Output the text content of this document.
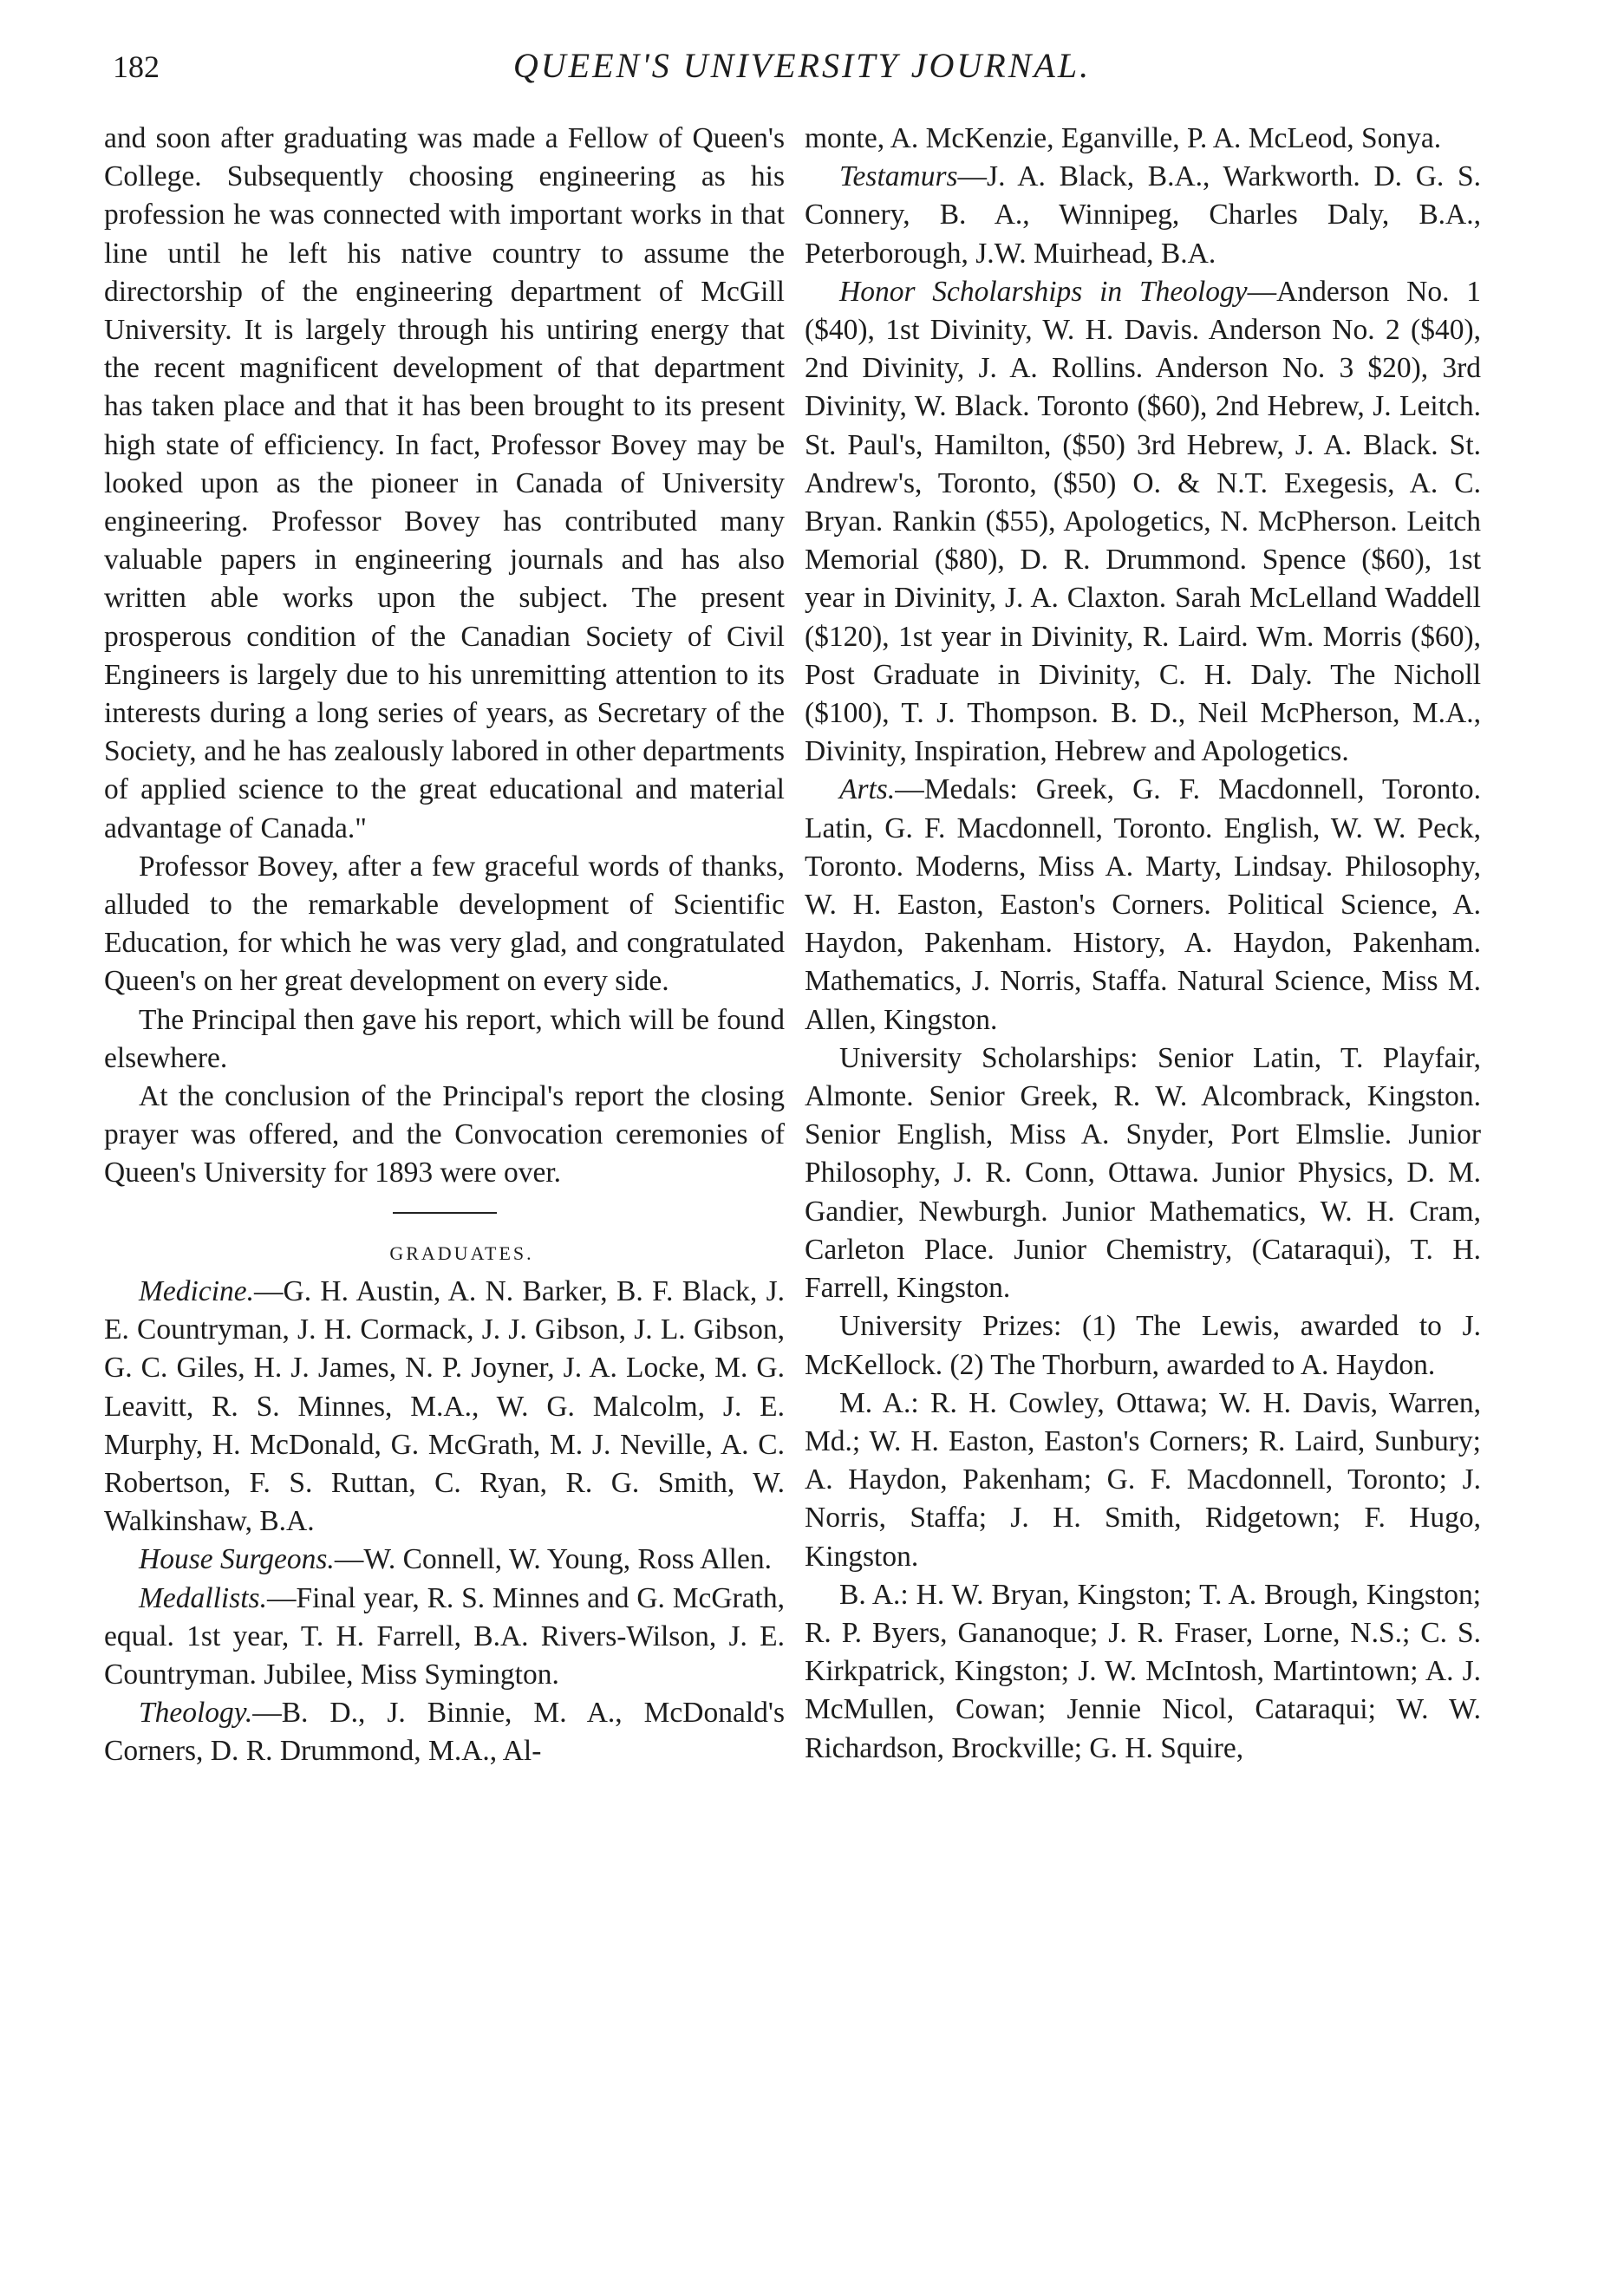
182	QUEEN'S UNIVERSITY JOURNAL.

and soon after graduating was made a Fellow of Queen's College. Subsequently choosing engineering as his profession he was connected with important works in that line until he left his native country to assume the directorship of the engineering department of McGill University. It is largely through his untiring energy that the recent magnificent development of that department has taken place and that it has been brought to its present high state of efficiency. In fact, Professor Bovey may be looked upon as the pioneer in Canada of University engineering. Professor Bovey has contributed many valuable papers in engineering journals and has also written able works upon the subject. The present prosperous condition of the Canadian Society of Civil Engineers is largely due to his unremitting attention to its interests during a long series of years, as Secretary of the Society, and he has zealously labored in other departments of applied science to the great educational and material advantage of Canada."

Professor Bovey, after a few graceful words of thanks, alluded to the remarkable development of Scientific Education, for which he was very glad, and congratulated Queen's on her great development on every side.

The Principal then gave his report, which will be found elsewhere.

At the conclusion of the Principal's report the closing prayer was offered, and the Convocation ceremonies of Queen's University for 1893 were over.

GRADUATES.

Medicine.—G. H. Austin, A. N. Barker, B. F. Black, J. E. Countryman, J. H. Cormack, J. J. Gibson, J. L. Gibson, G. C. Giles, H. J. James, N. P. Joyner, J. A. Locke, M. G. Leavitt, R. S. Minnes, M.A., W. G. Malcolm, J. E. Murphy, H. McDonald, G. McGrath, M. J. Neville, A. C. Robertson, F. S. Ruttan, C. Ryan, R. G. Smith, W. Walkinshaw, B.A.

House Surgeons.—W. Connell, W. Young, Ross Allen.

Medallists.—Final year, R. S. Minnes and G. McGrath, equal. 1st year, T. H. Farrell, B.A. Rivers-Wilson, J. E. Countryman. Jubilee, Miss Symington.

Theology.—B. D., J. Binnie, M. A., McDonald's Corners, D. R. Drummond, M.A., Al-

monte, A. McKenzie, Eganville, P. A. McLeod, Sonya.

Testamurs—J. A. Black, B.A., Warkworth. D. G. S. Connery, B. A., Winnipeg, Charles Daly, B.A., Peterborough, J.W. Muirhead, B.A.

Honor Scholarships in Theology—Anderson No. 1 ($40), 1st Divinity, W. H. Davis. Anderson No. 2 ($40), 2nd Divinity, J. A. Rollins. Anderson No. 3 $20), 3rd Divinity, W. Black. Toronto ($60), 2nd Hebrew, J. Leitch. St. Paul's, Hamilton, ($50) 3rd Hebrew, J. A. Black. St. Andrew's, Toronto, ($50) O. & N.T. Exegesis, A. C. Bryan. Rankin ($55), Apologetics, N. McPherson. Leitch Memorial ($80), D. R. Drummond. Spence ($60), 1st year in Divinity, J. A. Claxton. Sarah McLelland Waddell ($120), 1st year in Divinity, R. Laird. Wm. Morris ($60), Post Graduate in Divinity, C. H. Daly. The Nicholl ($100), T. J. Thompson. B. D., Neil McPherson, M.A., Divinity, Inspiration, Hebrew and Apologetics.

Arts.—Medals: Greek, G. F. Macdonnell, Toronto. Latin, G. F. Macdonnell, Toronto. English, W. W. Peck, Toronto. Moderns, Miss A. Marty, Lindsay. Philosophy, W. H. Easton, Easton's Corners. Political Science, A. Haydon, Pakenham. History, A. Haydon, Pakenham. Mathematics, J. Norris, Staffa. Natural Science, Miss M. Allen, Kingston.

University Scholarships: Senior Latin, T. Playfair, Almonte. Senior Greek, R. W. Alcombrack, Kingston. Senior English, Miss A. Snyder, Port Elmslie. Junior Philosophy, J. R. Conn, Ottawa. Junior Physics, D. M. Gandier, Newburgh. Junior Mathematics, W. H. Cram, Carleton Place. Junior Chemistry, (Cataraqui), T. H. Farrell, Kingston.

University Prizes: (1) The Lewis, awarded to J. McKellock. (2) The Thorburn, awarded to A. Haydon.

M. A.: R. H. Cowley, Ottawa; W. H. Davis, Warren, Md.; W. H. Easton, Easton's Corners; R. Laird, Sunbury; A. Haydon, Pakenham; G. F. Macdonnell, Toronto; J. Norris, Staffa; J. H. Smith, Ridgetown; F. Hugo, Kingston.

B. A.: H. W. Bryan, Kingston; T. A. Brough, Kingston; R. P. Byers, Gananoque; J. R. Fraser, Lorne, N.S.; C. S. Kirkpatrick, Kingston; J. W. McIntosh, Martintown; A. J. McMullen, Cowan; Jennie Nicol, Cataraqui; W. W. Richardson, Brockville; G. H. Squire,
